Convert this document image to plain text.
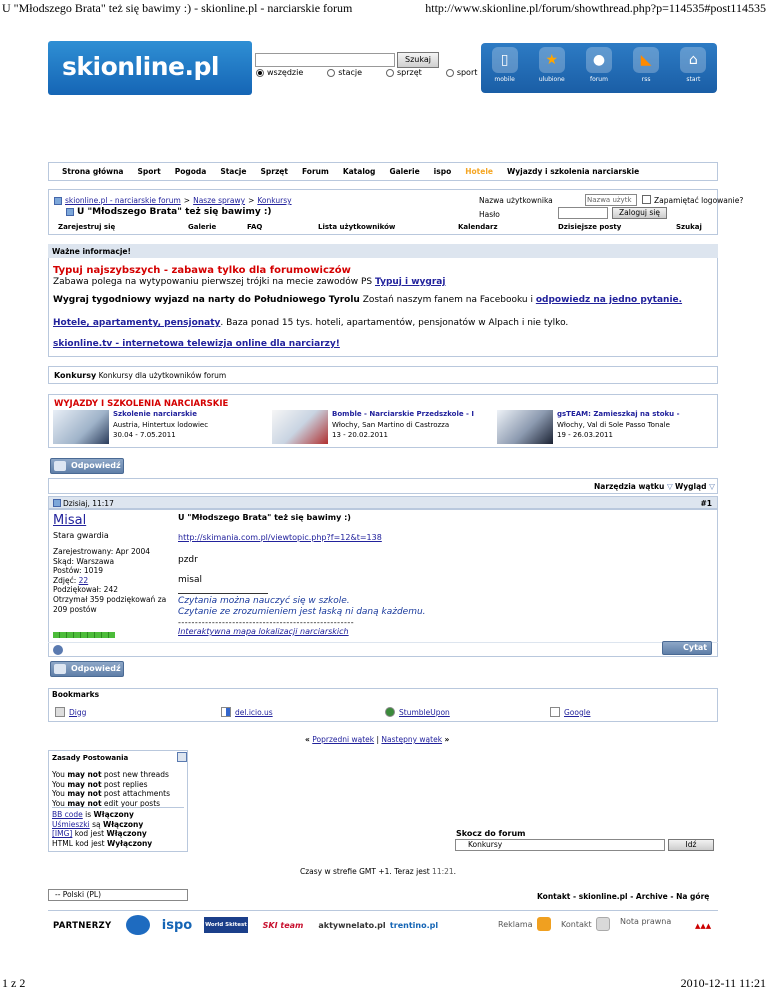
U "Młodszego Brata" też się bawimy :) - skionline.pl - narciarskie forum	http://www.skionline.pl/forum/showthread.php?p=114535#post114535
skionline.pl	Szukaj
wszędzie	stacje	sprzęt	sport
▯
mobile
★
ulubione
●
forum
◣
rss
⌂
start
Strona główna	Sport	Pogoda	Stacje	Sprzęt	Forum	Katalog	Galerie	ispo	Hotele	Wyjazdy i szkolenia narciarskie
skionline.pl - narciarskie forum > Nasze sprawy > Konkursy
U "Młodszego Brata" też się bawimy :)
Nazwa użytkownika	Nazwa użytk	Zapamiętać logowanie?
Hasło	Zaloguj się
Zarejestruj się	Galerie	FAQ	Lista użytkowników	Kalendarz	Dzisiejsze posty	Szukaj
Ważne informacje!
Typuj najszybszych - zabawa tylko dla forumowiczów
Zabawa polega na wytypowaniu pierwszej trójki na mecie zawodów PS Typuj i wygraj
Wygraj tygodniowy wyjazd na narty do Południowego Tyrolu Zostań naszym fanem na Facebooku i odpowiedz na jedno pytanie.
Hotele, apartamenty, pensjonaty. Baza ponad 15 tys. hoteli, apartamentów, pensjonatów w Alpach i nie tylko.
skionline.tv - internetowa telewizja online dla narciarzy!
Konkursy Konkursy dla użytkowników forum
WYJAZDY I SZKOLENIA NARCIARSKIE
Szkolenie narciarskie
Austria, Hintertux lodowiec
30.04 - 7.05.2011
Bomble - Narciarskie Przedszkole - I
Włochy, San Martino di Castrozza
13 - 20.02.2011
gsTEAM: Zamieszkaj na stoku -
Włochy, Val di Sole Passo Tonale
19 - 26.03.2011
Odpowiedź
Narzędzia wątku ▽ Wygląd ▽
Dzisiaj, 11:17	#1
Misal
Stara gwardia
Zarejestrowany: Apr 2004
Skąd: Warszawa
Postów: 1019
Zdjęć: 22
Podziękował: 242
Otrzymał 359 podziękowań za
209 postów
U "Młodszego Brata" też się bawimy :)
http://skimania.com.pl/viewtopic.php?f=12&t=138
pzdr
misal
Czytania można nauczyć się w szkole.
Czytanie ze zrozumieniem jest łaską ni daną każdemu.
----------------------------------------------------
Interaktywna mapa lokalizacji narciarskich
Cytat
Odpowiedź
Bookmarks
Digg	del.icio.us	StumbleUpon	Google
« Poprzedni wątek | Następny wątek »
Zasady Postowania
You may not post new threads
You may not post replies
You may not post attachments
You may not edit your posts
BB code is Włączony
Uśmieszki są Włączony
[IMG] kod jest Włączony
HTML kod jest Wyłączony
Skocz do forum
Konkursy	Idź
Czasy w strefie GMT +1. Teraz jest 11:21.
-- Polski (PL)	Kontakt - skionline.pl - Archive - Na górę
PARTNERZY	ispo	World Skitest	SKI team	aktywnelato.pl trentino.pl	Reklama	Kontakt	Nota prawna	▲▲▲
1 z 2	2010-12-11 11:21
